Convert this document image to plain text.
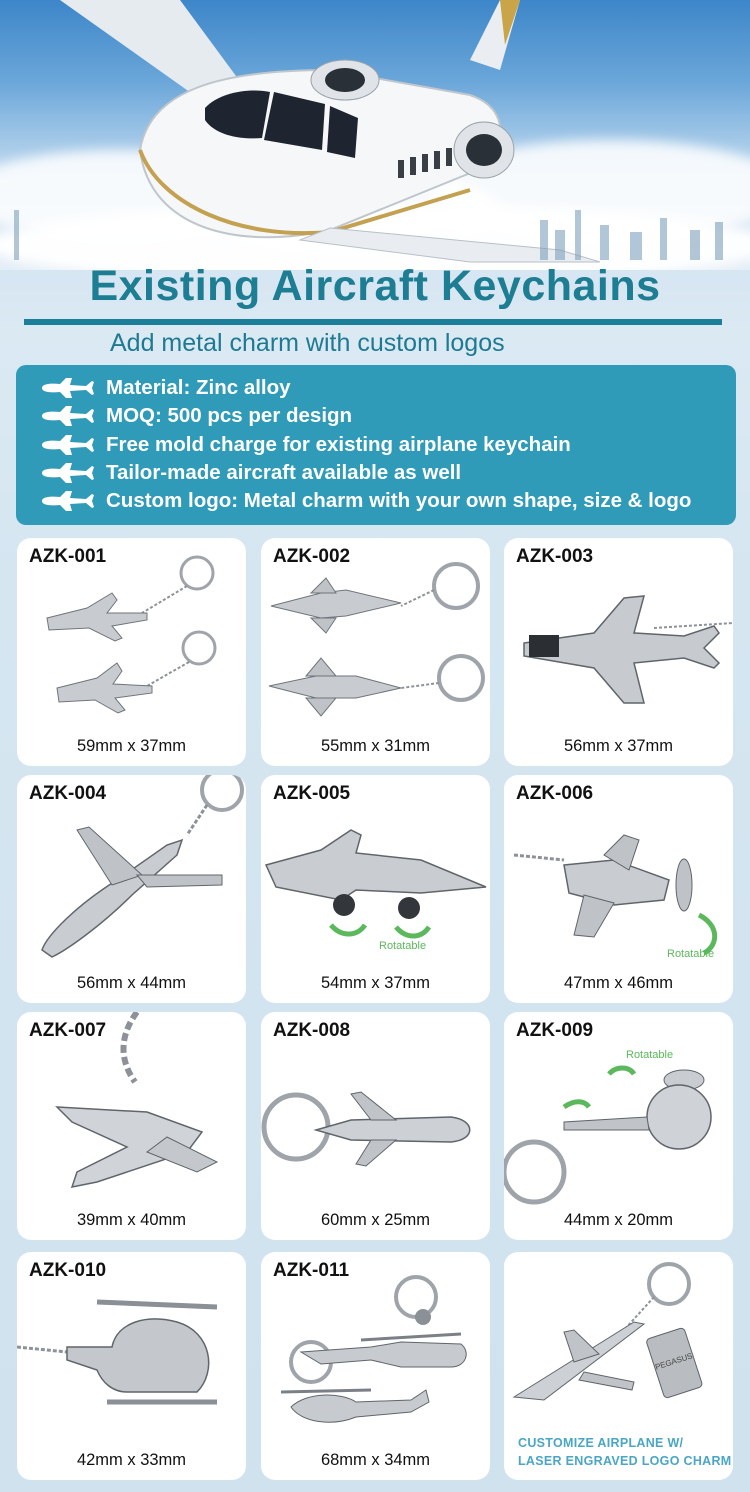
Existing Aircraft Keychains
Add metal charm with custom logos
Material: Zinc alloy
MOQ: 500 pcs per design
Free mold charge for existing airplane keychain
Tailor-made aircraft available as well
Custom logo: Metal charm with your own shape, size & logo
AZK-001
59mm x 37mm
AZK-002
55mm x 31mm
AZK-003
56mm x 37mm
AZK-004
56mm x 44mm
Rotatable
AZK-005
54mm x 37mm
Rotatable
AZK-006
47mm x 46mm
AZK-007
39mm x 40mm
AZK-008
60mm x 25mm
Rotatable
AZK-009
44mm x 20mm
AZK-010
42mm x 33mm
AZK-011
68mm x 34mm
PEGASUS
CUSTOMIZE AIRPLANE W/
LASER ENGRAVED LOGO CHARM
